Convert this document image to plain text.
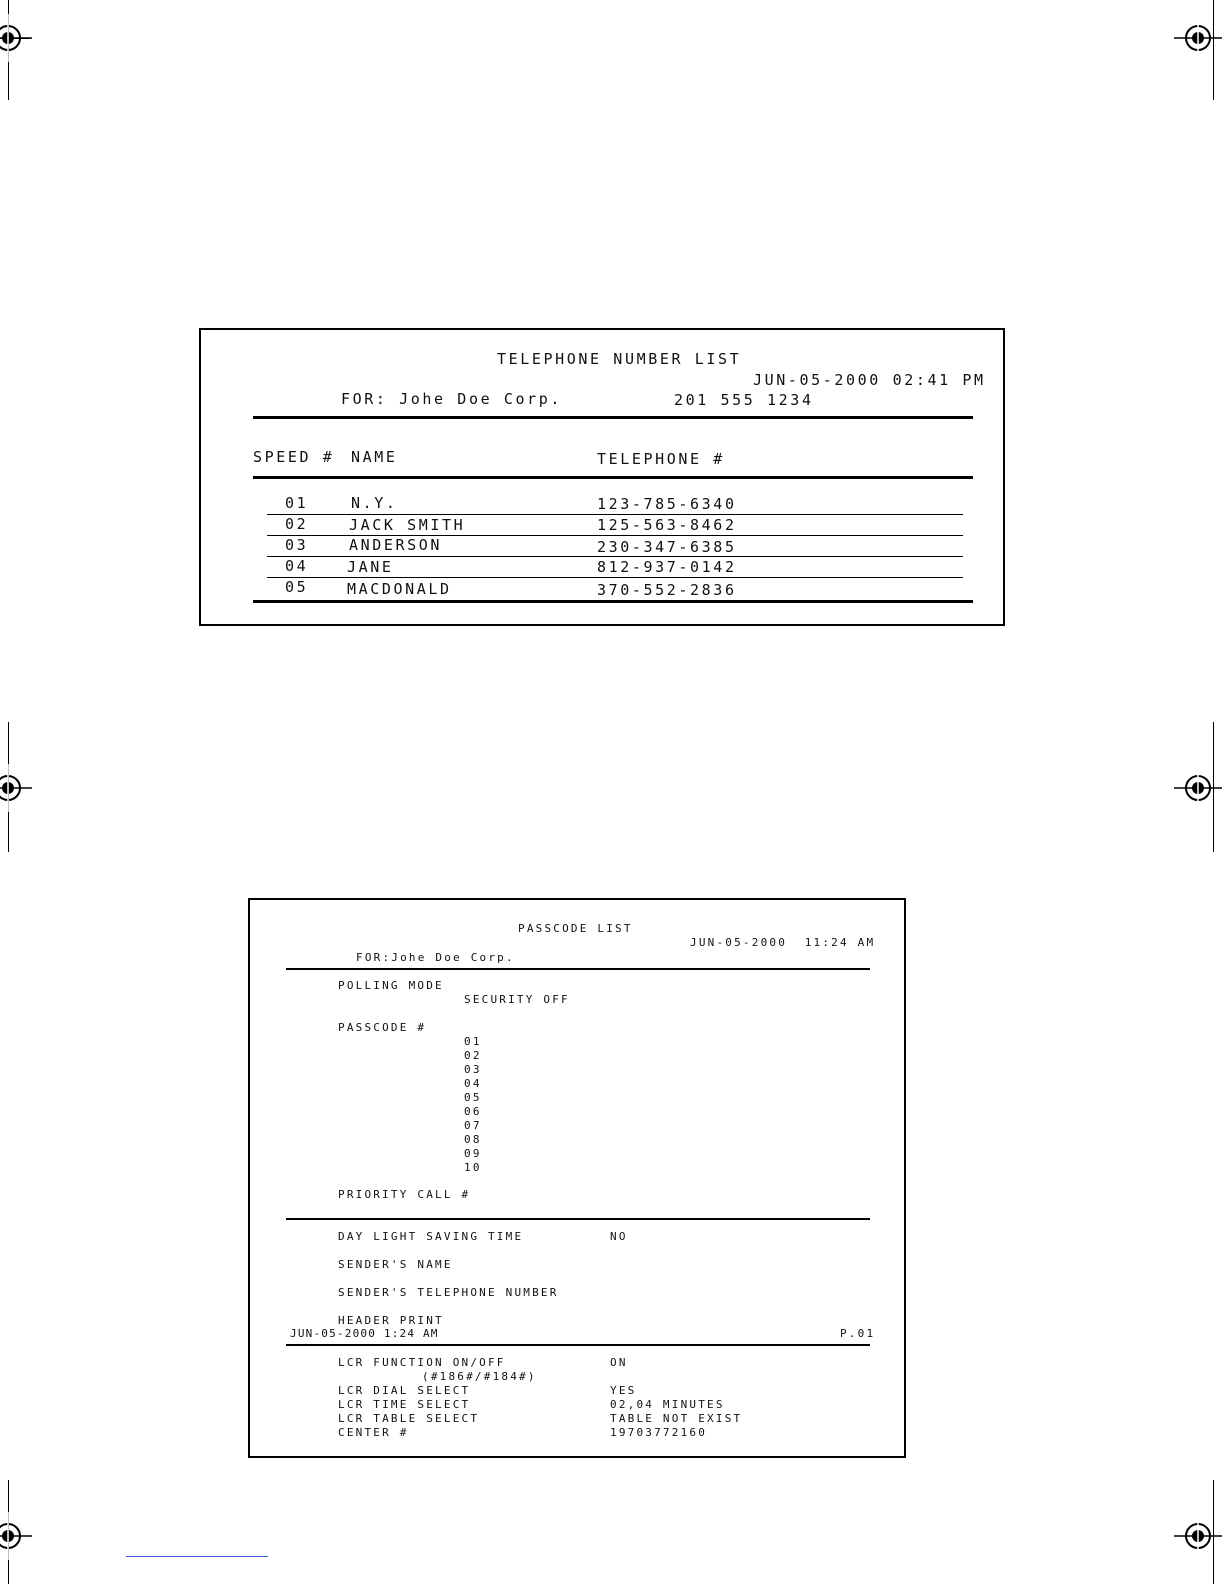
TELEPHONE NUMBER LIST
JUN-05-2000 02:41 PM
FOR: Johe Doe Corp.	201 555 1234
SPEED # NAME	TELEPHONE #
01	N.Y.	123-785-6340
02	JACK SMITH	125-563-8462
03	ANDERSON	230-347-6385
04	JANE	812-937-0142
05	MACDONALD	370-552-2836
PASSCODE LIST
JUN-05-2000  11:24 AM
FOR:Johe Doe Corp.
POLLING MODE
SECURITY OFF
PASSCODE #
01
02
03
04
05
06
07
08
09
10
PRIORITY CALL #
DAY LIGHT SAVING TIME	NO
SENDER'S NAME
SENDER'S TELEPHONE NUMBER
HEADER PRINT
JUN-05-2000 1:24 AM	P.01
LCR FUNCTION ON/OFF	ON
(#186#/#184#)
LCR DIAL SELECT	YES
LCR TIME SELECT	02,04 MINUTES
LCR TABLE SELECT	TABLE NOT EXIST
CENTER #	19703772160
